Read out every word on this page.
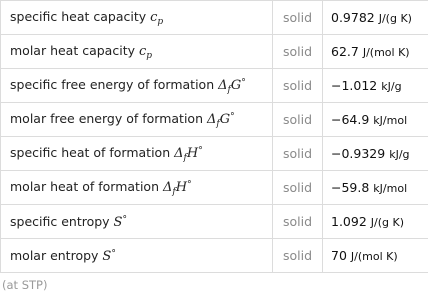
specific heat capacity $c_p$	solid	0.9782 J/(g K)
molar heat capacity $c_p$	solid	62.7 J/(mol K)
specific free energy of formation $\Delta_fG^\circ$	solid	−1.012 kJ/g
molar free energy of formation $\Delta_fG^\circ$	solid	−64.9 kJ/mol
specific heat of formation $\Delta_fH^\circ$	solid	−0.9329 kJ/g
molar heat of formation $\Delta_fH^\circ$	solid	−59.8 kJ/mol
specific entropy S°	solid	1.092 J/(g K)
molar entropy S°	solid	70 J/(mol K)
(at STP)
